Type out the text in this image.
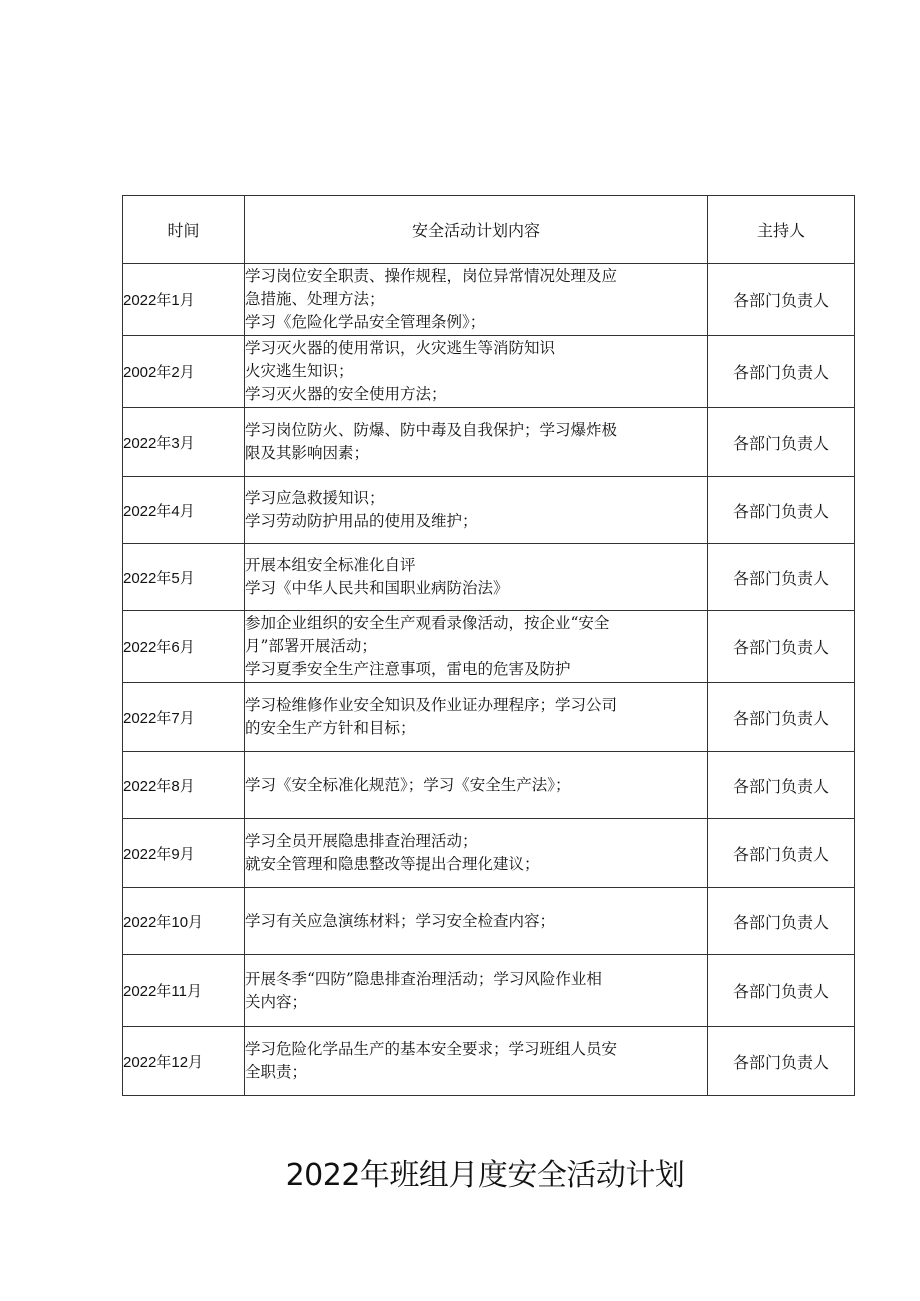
时间	安全活动计划内容	主持人
2022年1月	学习岗位安全职责、操作规程，岗位异常情况处理及应
急措施、处理方法；
学习《危险化学品安全管理条例》；	各部门负责人
2002年2月	学习灭火器的使用常识，火灾逃生等消防知识
火灾逃生知识；
学习灭火器的安全使用方法；	各部门负责人
2022年3月	学习岗位防火、防爆、防中毒及自我保护；学习爆炸极
限及其影响因素；	各部门负责人
2022年4月	学习应急救援知识；
学习劳动防护用品的使用及维护；	各部门负责人
2022年5月	开展本组安全标准化自评
学习《中华人民共和国职业病防治法》	各部门负责人
2022年6月	参加企业组织的安全生产观看录像活动，按企业“安全
月”部署开展活动；
学习夏季安全生产注意事项，雷电的危害及防护	各部门负责人
2022年7月	学习检维修作业安全知识及作业证办理程序；学习公司
的安全生产方针和目标；	各部门负责人
2022年8月	学习《安全标准化规范》；学习《安全生产法》；	各部门负责人
2022年9月	学习全员开展隐患排查治理活动；
就安全管理和隐患整改等提出合理化建议；	各部门负责人
2022年10月	学习有关应急演练材料；学习安全检查内容；	各部门负责人
2022年11月	开展冬季“四防”隐患排查治理活动；学习风险作业相
关内容；	各部门负责人
2022年12月	学习危险化学品生产的基本安全要求；学习班组人员安
全职责；	各部门负责人
2022年班组月度安全活动计划
